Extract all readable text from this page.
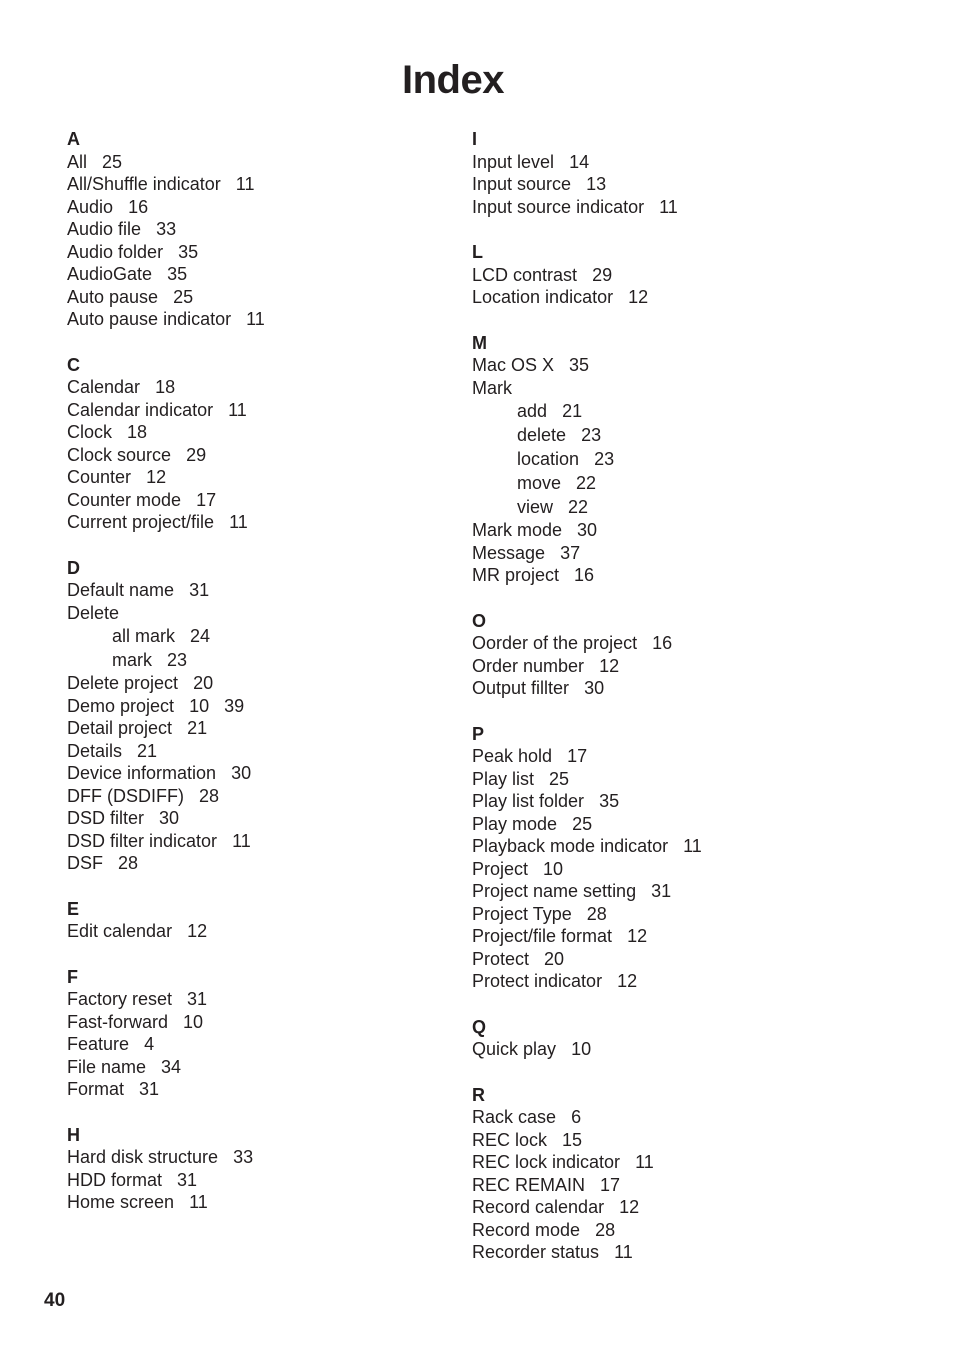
Index
A
All 25
All/Shuffle indicator 11
Audio 16
Audio file 33
Audio folder 35
AudioGate 35
Auto pause 25
Auto pause indicator 11
C
Calendar 18
Calendar indicator 11
Clock 18
Clock source 29
Counter 12
Counter mode 17
Current project/file 11
D
Default name 31
Delete
all mark 24
mark 23
Delete project 20
Demo project 10   39
Detail project 21
Details 21
Device information 30
DFF (DSDIFF) 28
DSD filter 30
DSD filter indicator 11
DSF 28
E
Edit calendar 12
F
Factory reset 31
Fast-forward 10
Feature 4
File name 34
Format 31
H
Hard disk structure 33
HDD format 31
Home screen 11
I
Input level 14
Input source 13
Input source indicator 11
L
LCD contrast 29
Location indicator 12
M
Mac OS X 35
Mark
add 21
delete 23
location 23
move 22
view 22
Mark mode 30
Message 37
MR project 16
O
Oorder of the project 16
Order number 12
Output fillter 30
P
Peak hold 17
Play list 25
Play list folder 35
Play mode 25
Playback mode indicator 11
Project 10
Project name setting 31
Project Type 28
Project/file format 12
Protect 20
Protect indicator 12
Q
Quick play 10
R
Rack case 6
REC lock 15
REC lock indicator 11
REC REMAIN 17
Record calendar 12
Record mode 28
Recorder status 11
40
